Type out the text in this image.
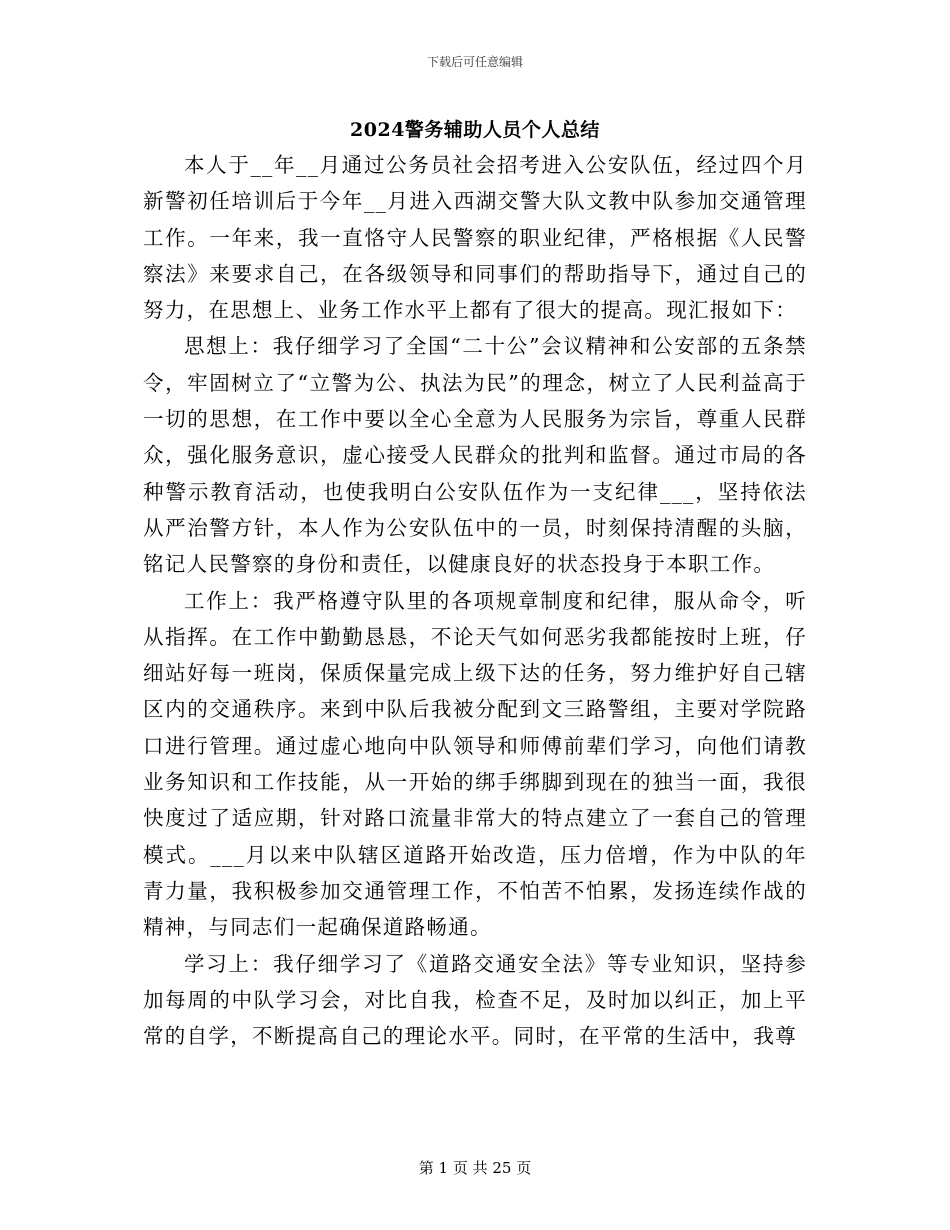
下载后可任意编辑
2024警务辅助人员个人总结

本人于__年__月通过公务员社会招考进入公安队伍，经过四个月新警初任培训后于今年__月进入西湖交警大队文教中队参加交通管理工作。一年来，我一直恪守人民警察的职业纪律，严格根据《人民警察法》来要求自己，在各级领导和同事们的帮助指导下，通过自己的努力，在思想上、业务工作水平上都有了很大的提高。现汇报如下：

思想上：我仔细学习了全国“二十公”会议精神和公安部的五条禁令，牢固树立了“立警为公、执法为民”的理念，树立了人民利益高于一切的思想，在工作中要以全心全意为人民服务为宗旨，尊重人民群众，强化服务意识，虚心接受人民群众的批判和监督。通过市局的各种警示教育活动，也使我明白公安队伍作为一支纪律___，坚持依法从严治警方针，本人作为公安队伍中的一员，时刻保持清醒的头脑，铭记人民警察的身份和责任，以健康良好的状态投身于本职工作。

工作上：我严格遵守队里的各项规章制度和纪律，服从命令，听从指挥。在工作中勤勤恳恳，不论天气如何恶劣我都能按时上班，仔细站好每一班岗，保质保量完成上级下达的任务，努力维护好自己辖区内的交通秩序。来到中队后我被分配到文三路警组，主要对学院路口进行管理。通过虚心地向中队领导和师傅前辈们学习，向他们请教业务知识和工作技能，从一开始的绑手绑脚到现在的独当一面，我很快度过了适应期，针对路口流量非常大的特点建立了一套自己的管理模式。___月以来中队辖区道路开始改造，压力倍增，作为中队的年青力量，我积极参加交通管理工作，不怕苦不怕累，发扬连续作战的精神，与同志们一起确保道路畅通。

学习上：我仔细学习了《道路交通安全法》等专业知识，坚持参加每周的中队学习会，对比自我，检查不足，及时加以纠正，加上平常的自学，不断提高自己的理论水平。同时，在平常的生活中，我尊

第 1 页 共 25 页
